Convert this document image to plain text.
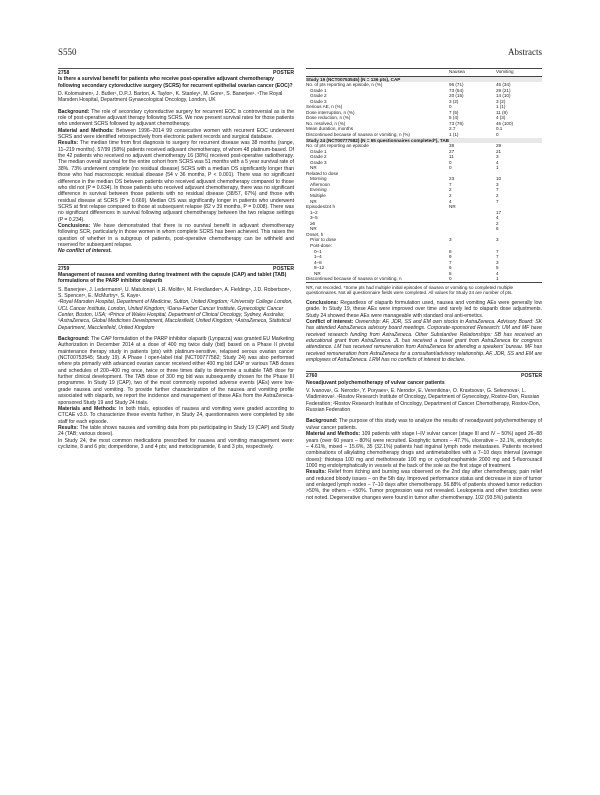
S550	Abstracts
2758	POSTER
Is there a survival benefit for patients who receive post-operative adjuvant chemotherapy following secondary cytoreductive surgery (SCRS) for recurrent epithelial ovarian cancer (EOC)?
D. Kolomainen¹, J. Butler¹, D.P.J. Barton, A. Taylor¹, K. Stanley¹, M. Gore¹, S. Banerjee¹. ¹The Royal Marsden Hospital, Department Gynaecological Oncology, London, UK

Background: The role of secondary cytoreductive surgery for recurrent EOC is controversial as is the role of post-operative adjuvant therapy following SCRS. We now present survival rates for those patients who underwent SCRS followed by adjuvant chemotherapy.

Material and Methods: Between 1996–2014 99 consecutive women with recurrent EOC underwent SCRS and were identified retrospectively from electronic patient records and surgical database.

Results: The median time from first diagnosis to surgery for recurrent disease was 38 months (range, 11–219 months). 57/99 (58%) patients received adjuvant chemotherapy, of whom 48 platinum-based. Of the 42 patients who received no adjuvant chemotherapy 16 (38%) received post-operative radiotherapy. The median overall survival for the entire cohort from SCRS was 51 months with a 5 year survival rate of 38%. 73% underwent complete (no residual disease) SCRS with a median OS significantly longer than those who had macroscopic residual disease (54 v 36 months, P < 0.001). There was no significant difference in the median OS between patients who received adjuvant chemotherapy compared to those who did not (P = 0.634). In those patients who received adjuvant chemotherapy, there was no significant difference in survival between those patients with no residual disease (38/57, 67%) and those with residual disease at SCRS (P = 0.669). Median OS was significantly longer in patients who underwent SCRS at first relapse compared to those at subsequent relapse (82 v 39 months, P = 0.008). There was no significant differences in survival following adjuvant chemotherapy between the two relapse settings (P = 0.234).

Conclusions: We have demonstrated that there is no survival benefit in adjuvant chemotherapy following SCR, particularly in those women in whom complete SCRS has been achieved. This raises the question of whether in a subgroup of patients, post-operative chemotherapy can be withheld and reserved for subsequent relapse.

No conflict of interest.

2759	POSTER
Management of nausea and vomiting during treatment with the capsule (CAP) and tablet (TAB) formulations of the PARP inhibitor olaparib
S. Banerjee¹, J. Ledermann², U. Matulonis³, L.R. Molife⁴, M. Friedlander⁵, A. Fielding⁶, J.D. Robertson⁶, S. Spencer⁶, E. McMurtry⁶, S. Kaye¹.
¹Royal Marsden Hospital, Department of Medicine, Sutton, United Kingdom; ²University College London, UCL Cancer Institute, London, United Kingdom; ³Dana-Farber Cancer Institute, Gynecologic Cancer Center, Boston, USA; ⁴Prince of Wales Hospital, Department of Clinical Oncology, Sydney, Australia; ⁵AstraZeneca, Global Medicines Development, Macclesfield, United Kingdom; ⁶AstraZeneca, Statistical Department, Macclesfield, United Kingdom

Background: The CAP formulation of the PARP inhibitor olaparib (Lynparza) was granted EU Marketing Authorization in December 2014 at a dose of 400 mg twice daily (bid) based on a Phase II pivotal maintenance therapy study in patients (pts) with platinum-sensitive, relapsed serous ovarian cancer (NCT00753545; Study 19). A Phase I open-label trial (NCT00777582; Study 24) was also performed where pts primarily with advanced ovarian cancer received either 400 mg bid CAP or various TAB doses and schedules of 200–400 mg once, twice or three times daily to determine a suitable TAB dose for further clinical development. The TAB dose of 300 mg bid was subsequently chosen for the Phase III programme. In Study 19 (CAP), two of the most commonly reported adverse events (AEs) were low-grade nausea and vomiting. To provide further characterization of the nausea and vomiting profile associated with olaparib, we report the incidence and management of these AEs from the AstraZeneca-sponsored Study 19 and Study 24 trials.

Materials and Methods: In both trials, episodes of nausea and vomiting were graded according to CTCAE v3.0. To characterize these events further, in Study 24, questionnaires were completed by site staff for each episode.

Results: The table shows nausea and vomiting data from pts participating in Study 19 (CAP) and Study 24 (TAB; various doses).

In Study 24, the most common medications prescribed for nausea and vomiting management were: cyclizine, 8 and 6 pts; domperidone, 3 and 4 pts; and metoclopramide, 6 and 3 pts, respectively.

	Nausea	Vomiting
Study 19 (NCT00753545) (N = 136 pts), CAP		
No. of pts reporting an episode, n (%)	96 (71)	46 (34)
Grade 1	73 (54)	29 (21)
Grade 2	20 (15)	14 (10)
Grade 3	3 (2)	3 (2)
Serious AE, n (%)	0	1 (1)
Dose interruption, n (%)	7 (5)	11 (8)
Dose reduction, n (%)	5 (4)	4 (3)
No. resolved, n (%)	73 (76)	46 (100)
Mean duration, months	2.7	0.1
Discontinued because of nausea or vomiting, n (%)	1 (1)	0
Study 24 (NCT00777582) (N = 65 questionnaires completed*), TAB		
No. of pts reporting an episode	38	29
Grade 1	27	21
Grade 2	11	3
Grade 3	0	4
NR	0	1
Related to dose		
Morning	23	10
Afternoon	7	3
Evening	2	7
Multiple	2	2
NR	4	7
Episodes/24 h	NR	
1–2		17
3–5		4
≥6		2
NR		6
Onset, h		
Prior to dose	3	3
Post-dose:		
0–1	8	7
1–4	9	7
4–8	7	3
8–12	6	5
NR	5	4
Discontinued because of nausea or vomiting, n	0	1
NR, not recorded. *Some pts had multiple initial episodes of nausea or vomiting so completed multiple questionnaires. Not all questionnaire fields were completed. All values for Study 24 are number of pts.

Conclusions: Regardless of olaparib formulation used, nausea and vomiting AEs were generally low grade. In Study 19, these AEs were improved over time and rarely led to olaparib dose adjustments. Study 24 showed these AEs were manageable with standard oral anti-emetics.

Conflict of interest: Ownership: AF, JDR, SS and EM own stocks in AstraZeneca. Advisory Board: SK has attended AstraZeneca advisory board meetings. Corporate-sponsored Research: UM and MF have received research funding from AstraZeneca. Other Substantive Relationships: SB has received an educational grant from AstraZeneca. JL has received a travel grant from AstraZeneca for congress attendance. LM has received remuneration from AstraZeneca for attending a speakers' bureau. MF has received remuneration from AstraZeneca for a consultant/advisory relationship. AF, JDR, SS and EM are employees of AstraZeneca. LRM has no conflicts of interest to declare.

2760	POSTER
Neoadjuvant polychemotherapy of vulvar cancer patients
V. Ivanova¹, G. Nerodo¹, Y. Poryaev¹, E. Nerodo¹, E. Verenikina¹, O. Kravtsova¹, G. Seleznova¹, L. Vladimirova². ¹Rostov Research Institute of Oncology, Department of Gynecology, Rostov-Don, Russian Federation; ²Rostov Research Institute of Oncology, Department of Cancer Chemotherapy, Rostov-Don, Russian Federation

Background: The purpose of this study was to analyze the results of neoadjuvant polychemotherapy of vulvar cancer patients.

Material and Methods: 109 patients with stage I–IV vulvar cancer (stage III and IV – 50%) aged 26–88 years (over 60 years – 80%) were recruited. Exophytic tumors – 47.7%, ulcerative – 32.1%, endophytic – 4.61%, mixed – 15.6%, 35 (32.1%) patients had inguinal lymph node metastases. Patients received combinations of alkylating chemotherapy drugs and antimetabolites with a 7–10 days interval (average doses): thiotepa 100 mg and methotrexate 100 mg or cyclophosphamide 2000 mg and 5-fluorouracil 1000 mg endolymphatically in vessels at the back of the sole as the first stage of treatment.

Results: Relief from itching and burning was observed on the 2nd day after chemotherapy, pain relief and reduced bloody issues – on the 5th day. Improved performance status and decrease in size of tumor and enlarged lymph nodes – 7–10 days after chemotherapy. 56.88% of patients showed tumor reduction >50%, the others – <50%. Tumor progression was not revealed. Leukopenia and other toxicities were not noted. Degenerative changes were found in tumor after chemotherapy. 102 (93.5%) patients
